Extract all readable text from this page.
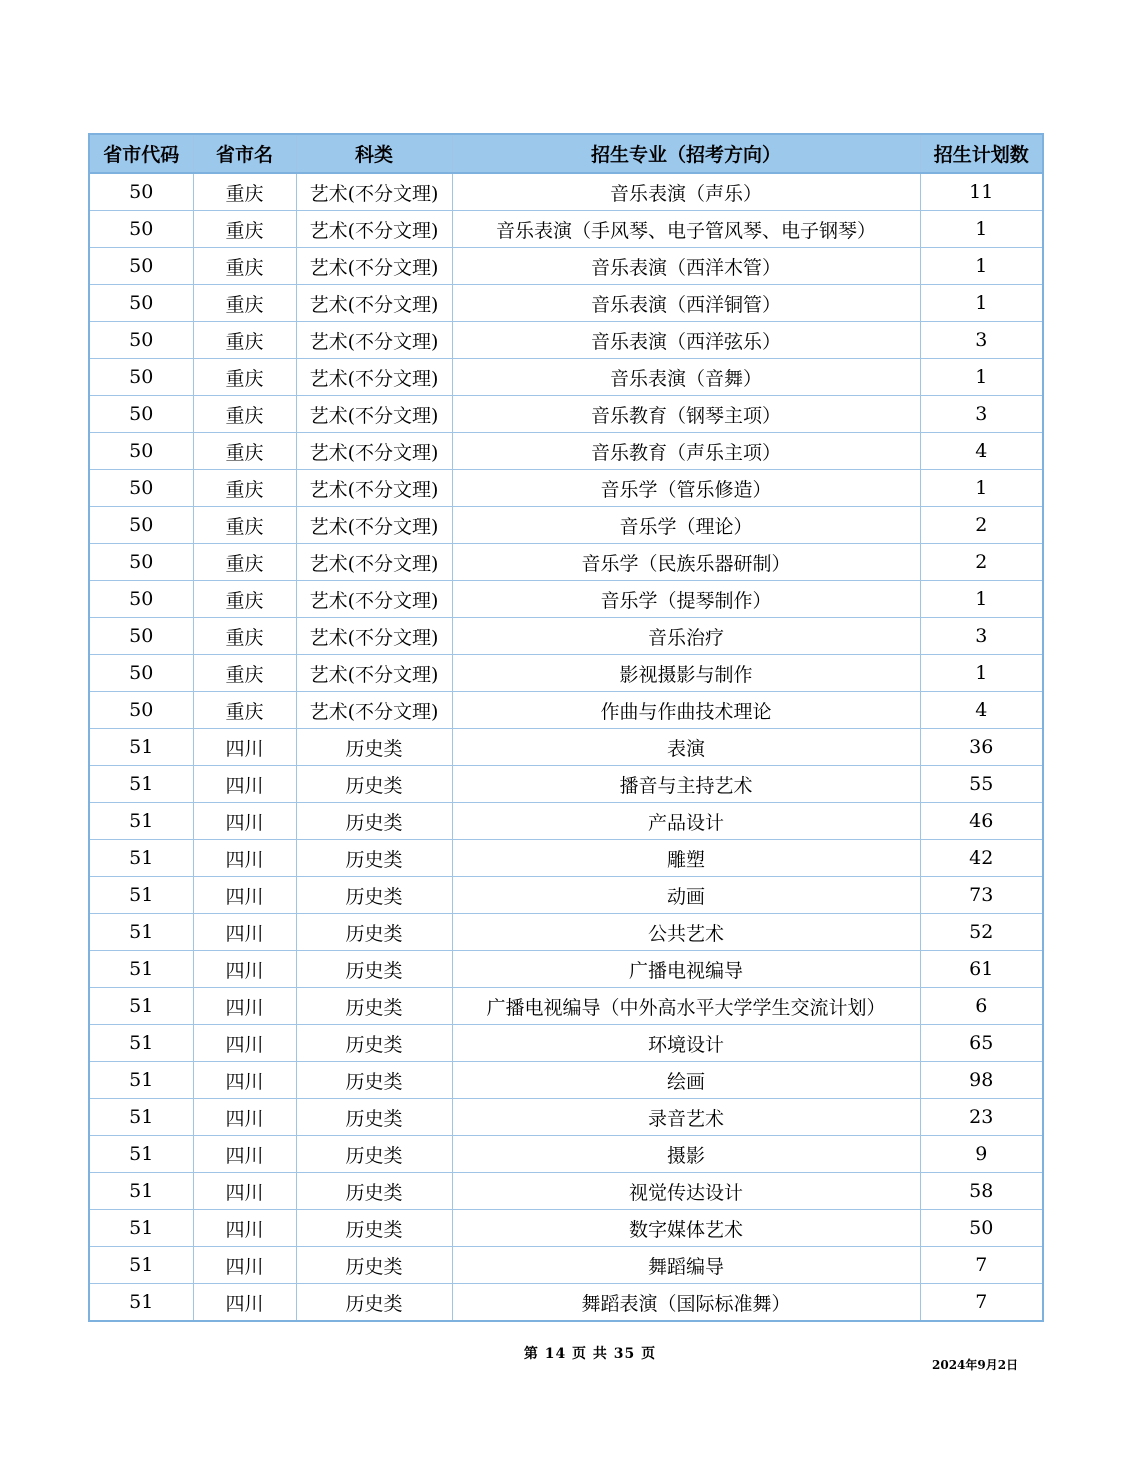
省市代码	省市名	科类	招生专业（招考方向）	招生计划数
50	重庆	艺术(不分文理)	音乐表演（声乐）	11
50	重庆	艺术(不分文理)	音乐表演（手风琴、电子管风琴、电子钢琴）	1
50	重庆	艺术(不分文理)	音乐表演（西洋木管）	1
50	重庆	艺术(不分文理)	音乐表演（西洋铜管）	1
50	重庆	艺术(不分文理)	音乐表演（西洋弦乐）	3
50	重庆	艺术(不分文理)	音乐表演（音舞）	1
50	重庆	艺术(不分文理)	音乐教育（钢琴主项）	3
50	重庆	艺术(不分文理)	音乐教育（声乐主项）	4
50	重庆	艺术(不分文理)	音乐学（管乐修造）	1
50	重庆	艺术(不分文理)	音乐学（理论）	2
50	重庆	艺术(不分文理)	音乐学（民族乐器研制）	2
50	重庆	艺术(不分文理)	音乐学（提琴制作）	1
50	重庆	艺术(不分文理)	音乐治疗	3
50	重庆	艺术(不分文理)	影视摄影与制作	1
50	重庆	艺术(不分文理)	作曲与作曲技术理论	4
51	四川	历史类	表演	36
51	四川	历史类	播音与主持艺术	55
51	四川	历史类	产品设计	46
51	四川	历史类	雕塑	42
51	四川	历史类	动画	73
51	四川	历史类	公共艺术	52
51	四川	历史类	广播电视编导	61
51	四川	历史类	广播电视编导（中外高水平大学学生交流计划）	6
51	四川	历史类	环境设计	65
51	四川	历史类	绘画	98
51	四川	历史类	录音艺术	23
51	四川	历史类	摄影	9
51	四川	历史类	视觉传达设计	58
51	四川	历史类	数字媒体艺术	50
51	四川	历史类	舞蹈编导	7
51	四川	历史类	舞蹈表演（国际标准舞）	7
第 14 页 共 35 页
2024年9月2日
